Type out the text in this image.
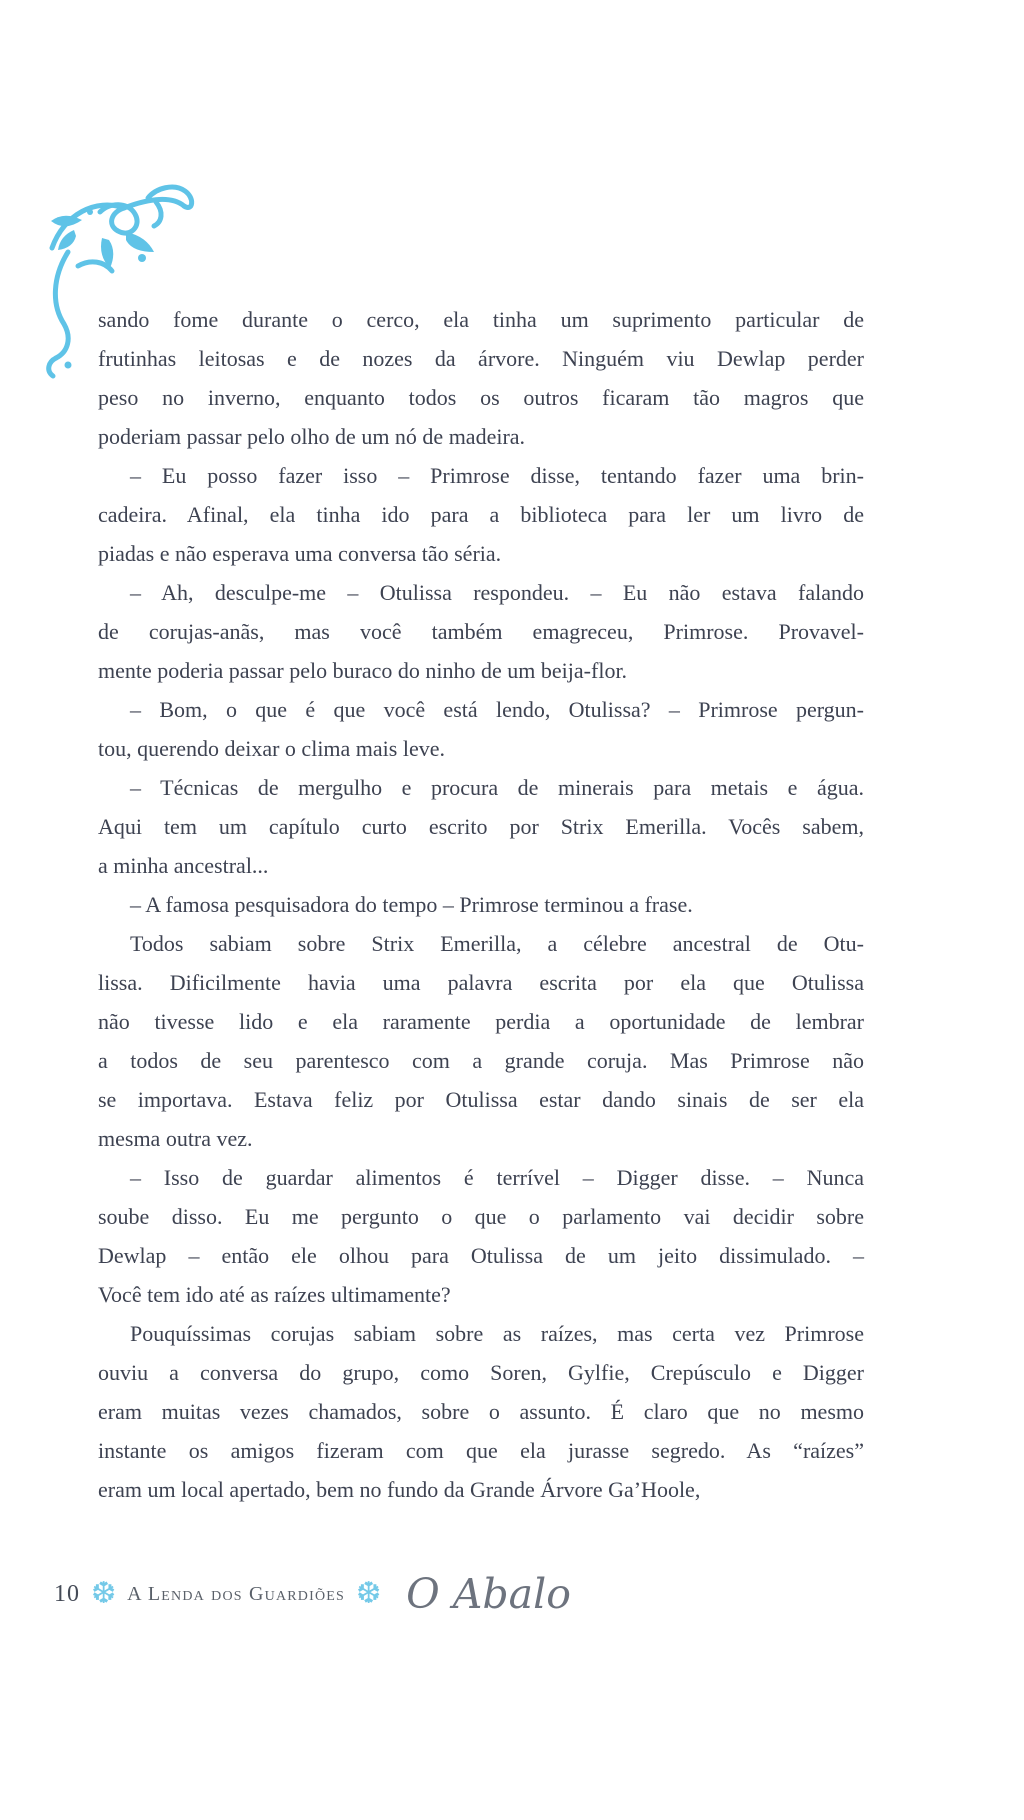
sando fome durante o cerco, ela tinha um suprimento particular de
frutinhas leitosas e de nozes da árvore. Ninguém viu Dewlap perder
peso no inverno, enquanto todos os outros ficaram tão magros que
poderiam passar pelo olho de um nó de madeira.
– Eu posso fazer isso – Primrose disse, tentando fazer uma brin-
cadeira. Afinal, ela tinha ido para a biblioteca para ler um livro de
piadas e não esperava uma conversa tão séria.
– Ah, desculpe-me – Otulissa respondeu. – Eu não estava falando
de corujas-anãs, mas você também emagreceu, Primrose. Provavel-
mente poderia passar pelo buraco do ninho de um beija-flor.
– Bom, o que é que você está lendo, Otulissa? – Primrose pergun-
tou, querendo deixar o clima mais leve.
– Técnicas de mergulho e procura de minerais para metais e água.
Aqui tem um capítulo curto escrito por Strix Emerilla. Vocês sabem,
a minha ancestral...
– A famosa pesquisadora do tempo – Primrose terminou a frase.
Todos sabiam sobre Strix Emerilla, a célebre ancestral de Otu-
lissa. Dificilmente havia uma palavra escrita por ela que Otulissa
não tivesse lido e ela raramente perdia a oportunidade de lembrar
a todos de seu parentesco com a grande coruja. Mas Primrose não
se importava. Estava feliz por Otulissa estar dando sinais de ser ela
mesma outra vez.
– Isso de guardar alimentos é terrível – Digger disse. – Nunca
soube disso. Eu me pergunto o que o parlamento vai decidir sobre
Dewlap – então ele olhou para Otulissa de um jeito dissimulado. –
Você tem ido até as raízes ultimamente?
Pouquíssimas corujas sabiam sobre as raízes, mas certa vez Primrose
ouviu a conversa do grupo, como Soren, Gylfie, Crepúsculo e Digger
eram muitas vezes chamados, sobre o assunto. É claro que no mesmo
instante os amigos fizeram com que ela jurasse segredo. As “raízes”
eram um local apertado, bem no fundo da Grande Árvore Ga’Hoole,
10 ❆ A Lenda dos Guardiões ❆ O Abalo
